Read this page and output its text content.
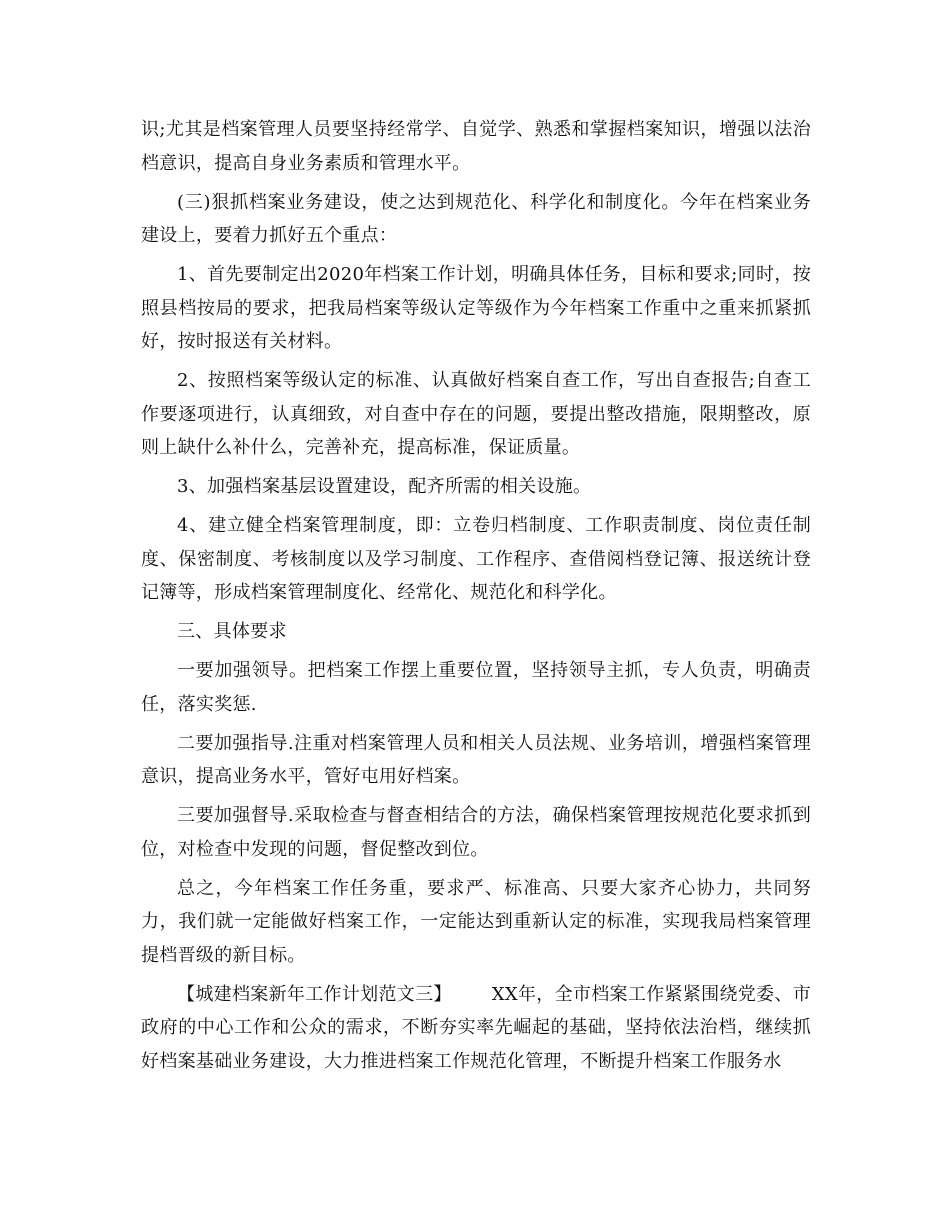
识;尤其是档案管理人员要坚持经常学、自觉学、熟悉和掌握档案知识，增强以法治档意识，提高自身业务素质和管理水平。

(三)狠抓档案业务建设，使之达到规范化、科学化和制度化。今年在档案业务建设上，要着力抓好五个重点：

1、首先要制定出2020年档案工作计划，明确具体任务，目标和要求;同时，按照县档按局的要求，把我局档案等级认定等级作为今年档案工作重中之重来抓紧抓好，按时报送有关材料。

2、按照档案等级认定的标准、认真做好档案自查工作，写出自查报告;自查工作要逐项进行，认真细致，对自查中存在的问题，要提出整改措施，限期整改，原则上缺什么补什么，完善补充，提高标准，保证质量。

3、加强档案基层设置建设，配齐所需的相关设施。

4、建立健全档案管理制度，即：立卷归档制度、工作职责制度、岗位责任制度、保密制度、考核制度以及学习制度、工作程序、查借阅档登记簿、报送统计登记簿等，形成档案管理制度化、经常化、规范化和科学化。

三、具体要求

一要加强领导。把档案工作摆上重要位置，坚持领导主抓，专人负责，明确责任，落实奖惩.

二要加强指导.注重对档案管理人员和相关人员法规、业务培训，增强档案管理意识，提高业务水平，管好屯用好档案。

三要加强督导.采取检查与督查相结合的方法，确保档案管理按规范化要求抓到位，对检查中发现的问题，督促整改到位。

总之，今年档案工作任务重，要求严、标准高、只要大家齐心协力，共同努力，我们就一定能做好档案工作，一定能达到重新认定的标准，实现我局档案管理提档晋级的新目标。

【城建档案新年工作计划范文三】 XX年，全市档案工作紧紧围绕党委、市政府的中心工作和公众的需求，不断夯实率先崛起的基础，坚持依法治档，继续抓好档案基础业务建设，大力推进档案工作规范化管理，不断提升档案工作服务水
